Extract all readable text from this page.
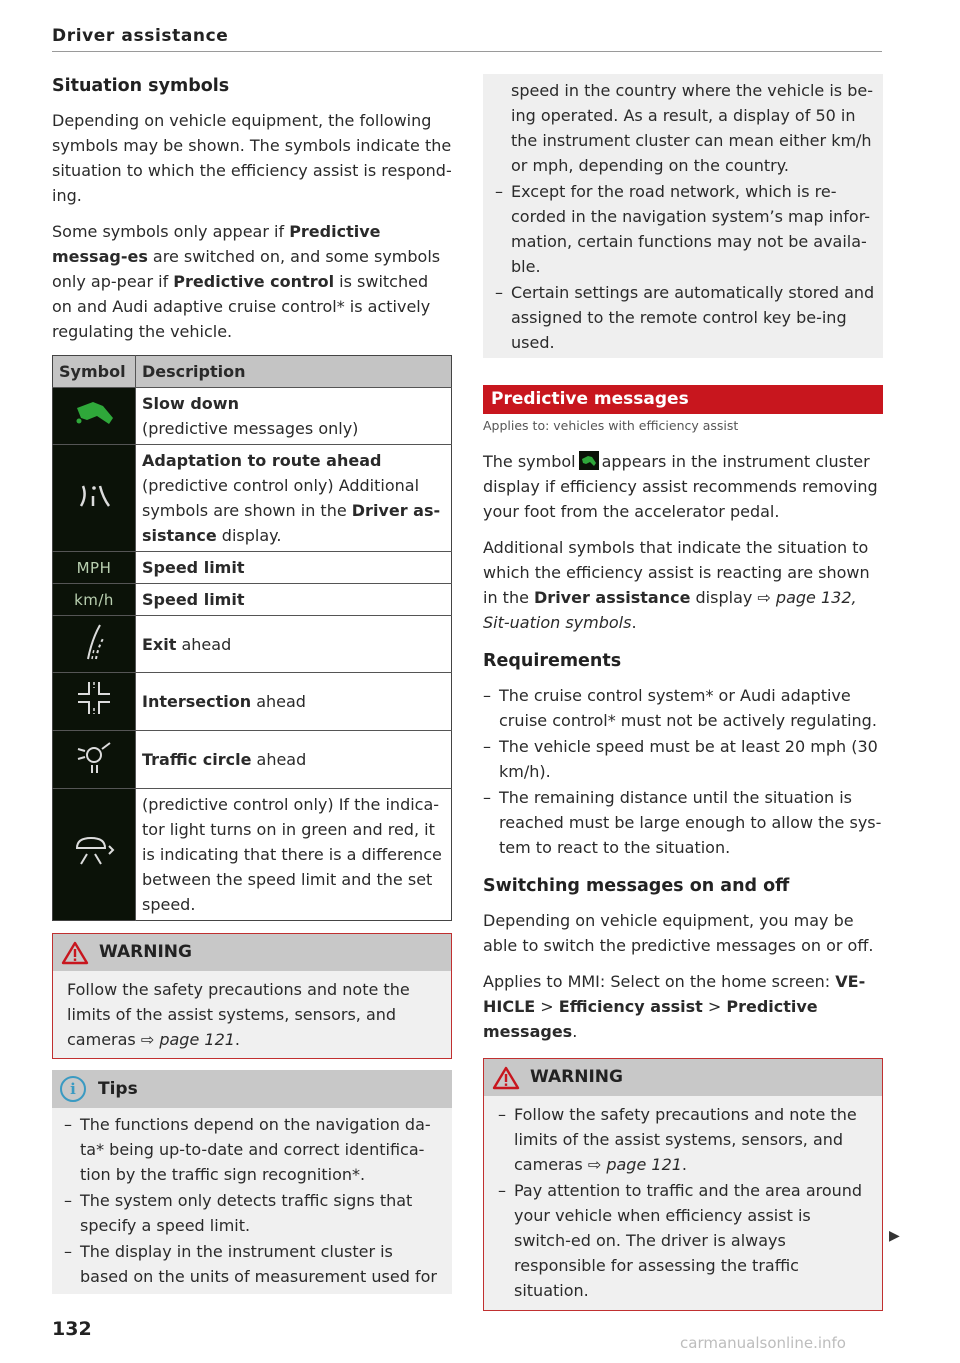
Driver assistance
Situation symbols

Depending on vehicle equipment, the following symbols may be shown. The symbols indicate the situation to which the efficiency assist is respond-ing.

Some symbols only appear if Predictive messag-es are switched on, and some symbols only ap-pear if Predictive control is switched on and Audi adaptive cruise control* is actively regulating the vehicle.

Symbol	Description
	Slow down
(predictive messages only)
	Adaptation to route ahead
(predictive control only) Additional symbols are shown in the Driver as-sistance display.
MPH	Speed limit
km/h	Speed limit
	Exit ahead
	Intersection ahead
	Traffic circle ahead
	(predictive control only) If the indica-tor light turns on in green and red, it is indicating that there is a difference between the speed limit and the set speed.
WARNING
Follow the safety precautions and note the limits of the assist systems, sensors, and cameras ⇨ page 121.
i	Tips
– The functions depend on the navigation da-ta* being up-to-date and correct identifica-tion by the traffic sign recognition*.
– The system only detects traffic signs that specify a speed limit.
– The display in the instrument cluster is based on the units of measurement used for

speed in the country where the vehicle is be-ing operated. As a result, a display of 50 in the instrument cluster can mean either km/h or mph, depending on the country.

– Except for the road network, which is re-corded in the navigation system’s map infor-mation, certain functions may not be availa-ble.
– Certain settings are automatically stored and assigned to the remote control key be-ing used.
Predictive messages
Applies to: vehicles with efficiency assist

The symbol appears in the instrument cluster display if efficiency assist recommends removing your foot from the accelerator pedal.

Additional symbols that indicate the situation to which the efficiency assist is reacting are shown in the Driver assistance display ⇨ page 132, Sit-uation symbols.

Requirements
– The cruise control system* or Audi adaptive cruise control* must not be actively regulating.
– The vehicle speed must be at least 20 mph (30 km/h).
– The remaining distance until the situation is reached must be large enough to allow the sys-tem to react to the situation.
Switching messages on and off

Depending on vehicle equipment, you may be able to switch the predictive messages on or off.

Applies to MMI: Select on the home screen: VE-HICLE > Efficiency assist > Predictive messages.

WARNING
– Follow the safety precautions and note the limits of the assist systems, sensors, and cameras ⇨ page 121.
– Pay attention to traffic and the area around your vehicle when efficiency assist is switch-ed on. The driver is always responsible for assessing the traffic situation.
▶
132
carmanualsonline.info
